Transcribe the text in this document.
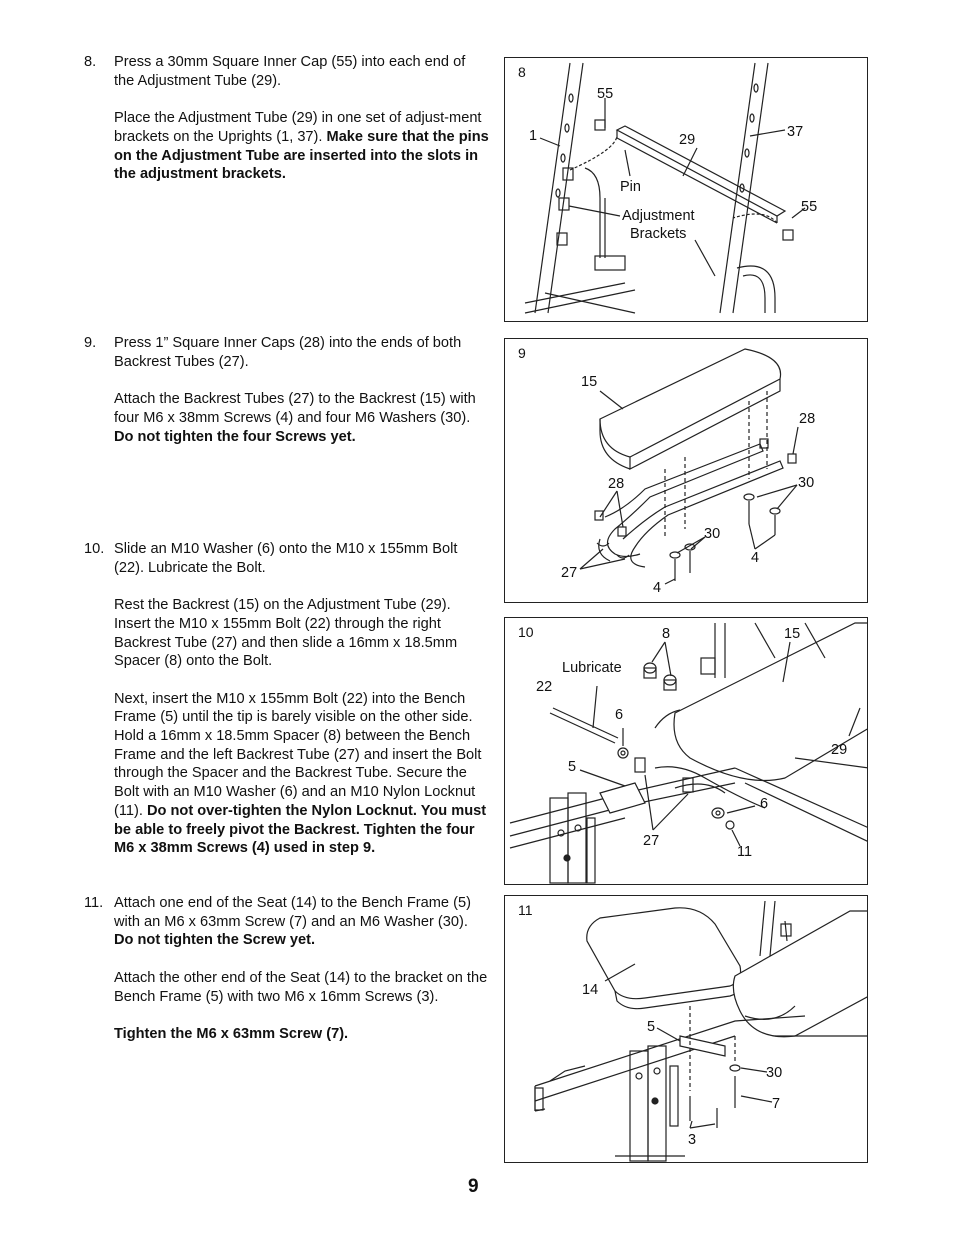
8.	Press a 30mm Square Inner Cap (55) into each end of the Adjustment Tube (29).

Place the Adjustment Tube (29) in one set of adjust-ment brackets on the Uprights (1, 37). Make sure that the pins on the Adjustment Tube are inserted into the slots in the adjustment brackets.

9.	Press 1” Square Inner Caps (28) into the ends of both Backrest Tubes (27).

Attach the Backrest Tubes (27) to the Backrest (15) with four M6 x 38mm Screws (4) and four M6 Washers (30). Do not tighten the four Screws yet.

10. Slide an M10 Washer (6) onto the M10 x 155mm Bolt (22). Lubricate the Bolt.

Rest the Backrest (15) on the Adjustment Tube (29). Insert the M10 x 155mm Bolt (22) through the right Backrest Tube (27) and then slide a 16mm x 18.5mm Spacer (8) onto the Bolt.

Next, insert the M10 x 155mm Bolt (22) into the Bench Frame (5) until the tip is barely visible on the other side. Hold a 16mm x 18.5mm Spacer (8) between the Bench Frame and the left Backrest Tube (27) and insert the Bolt through the Spacer and the Backrest Tube. Secure the Bolt with an M10 Washer (6) and an M10 Nylon Locknut (11). Do not over-tighten the Nylon Locknut. You must be able to freely pivot the Backrest. Tighten the four M6 x 38mm Screws (4) used in step 9.

11. Attach one end of the Seat (14) to the Bench Frame (5) with an M6 x 63mm Screw (7) and an M6 Washer (30). Do not tighten the Screw yet.

Attach the other end of the Seat (14) to the bracket on the Bench Frame (5) with two M6 x 16mm Screws (3).

Tighten the M6 x 63mm Screw (7).

8
55
1	29	37
Pin
Adjustment
Brackets
55
9
15
28
28	30
30
4
27
4
10	8	15
Lubricate
22
6
29
5
6
27
11
11
14
5
30
7
3
9
